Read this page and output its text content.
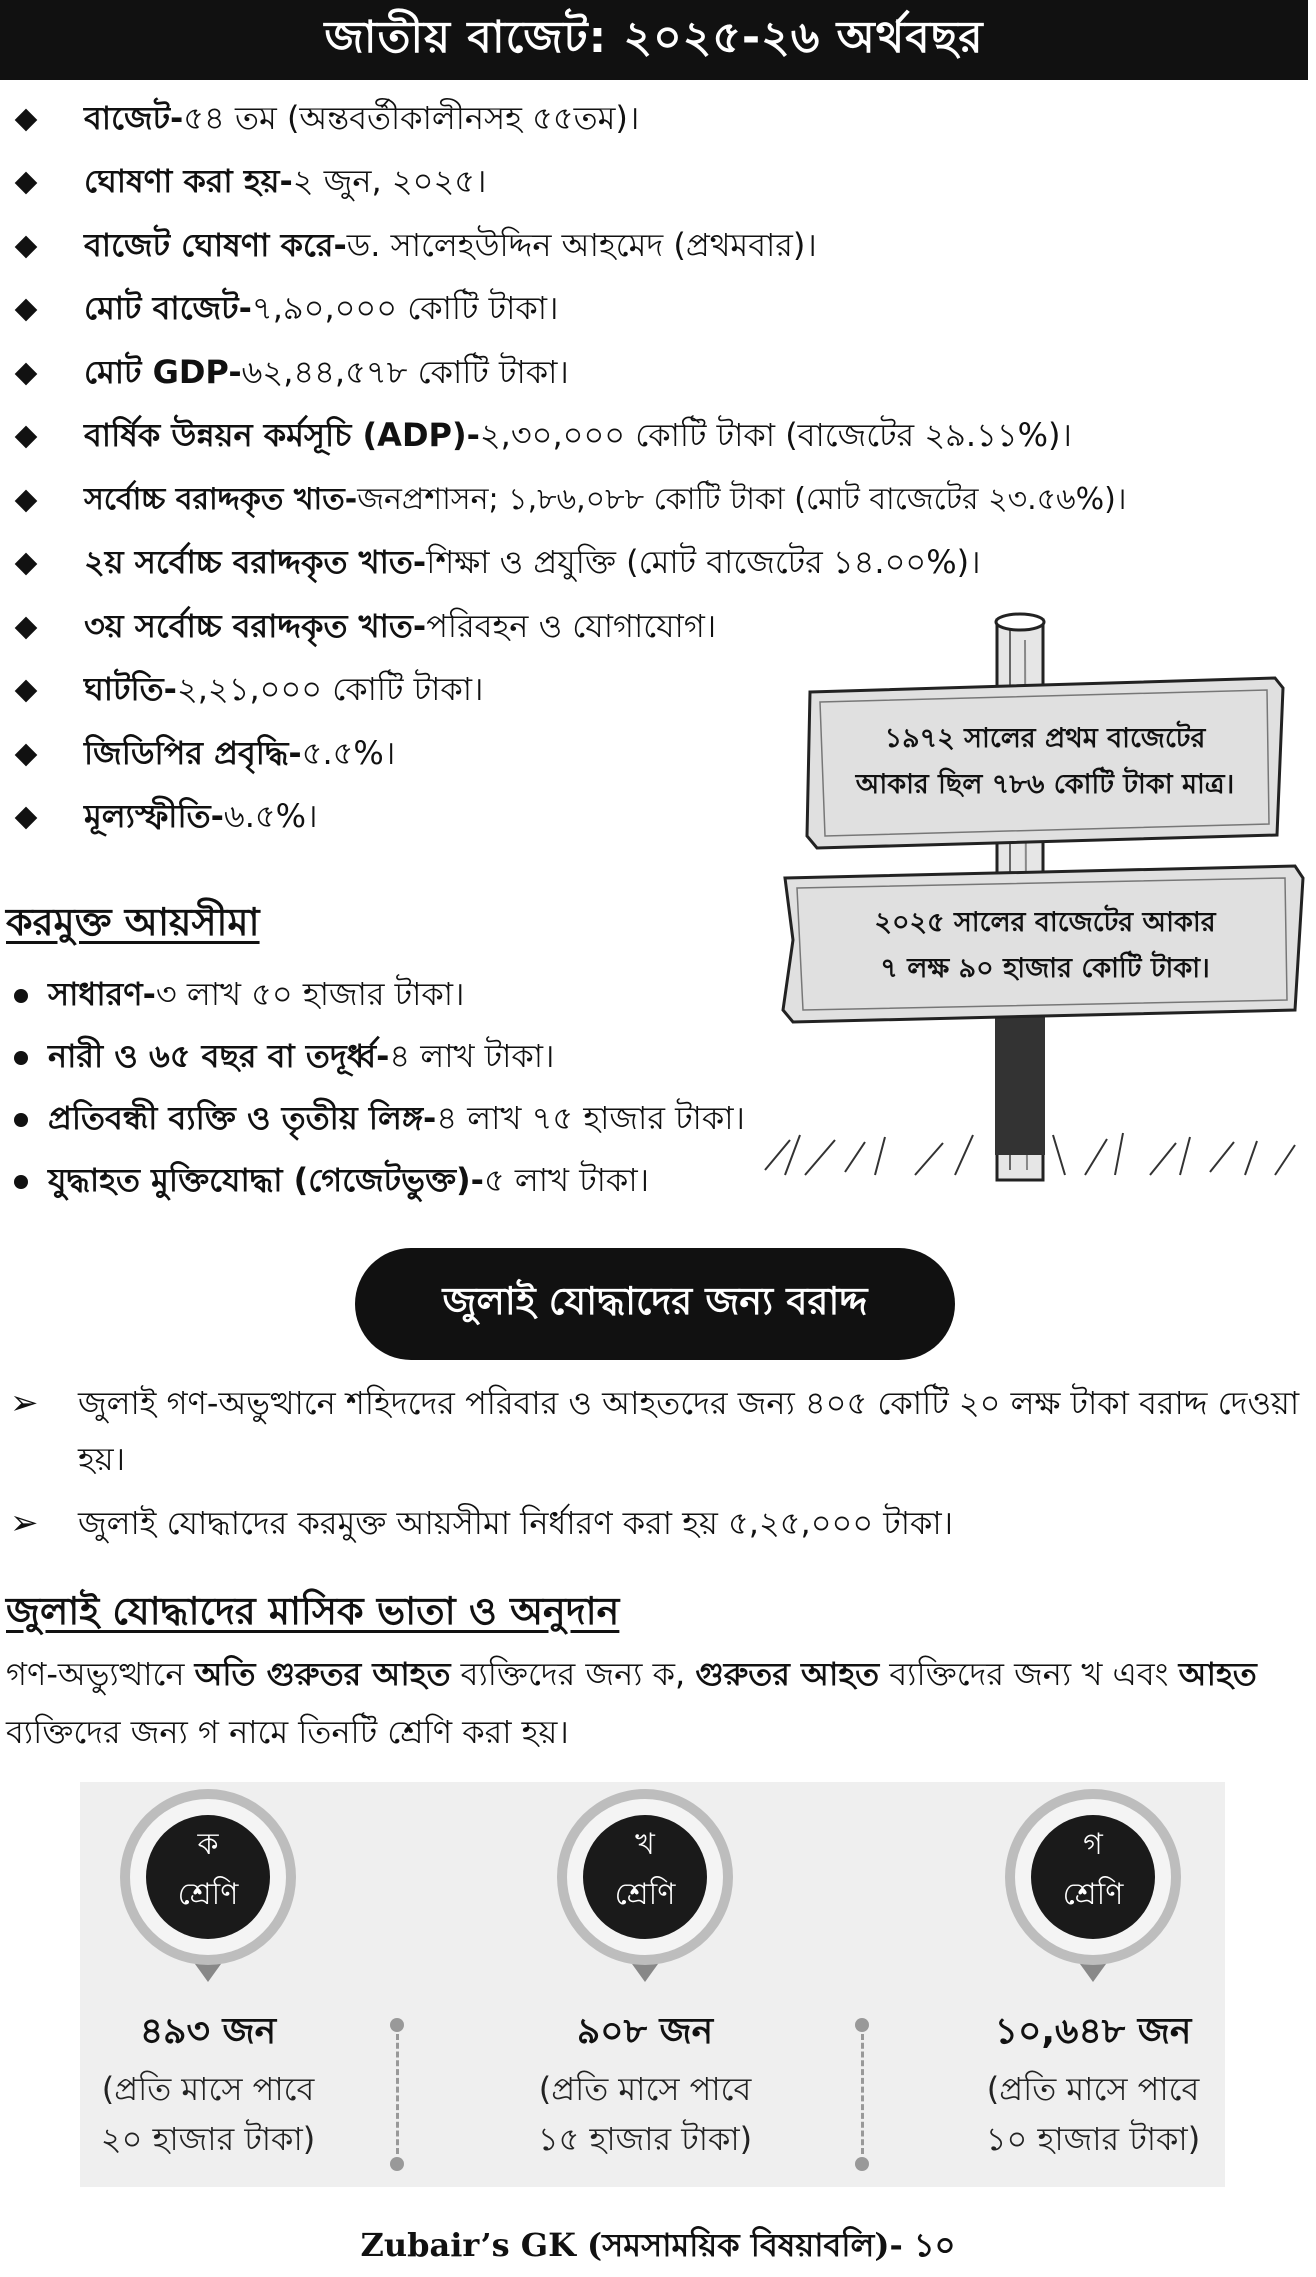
জাতীয় বাজেট: ২০২৫-২৬ অর্থবছর
বাজেট- ৫৪ তম (অন্তবর্তীকালীনসহ ৫৫তম)।
ঘোষণা করা হয়- ২ জুন, ২০২৫।
বাজেট ঘোষণা করে- ড. সালেহউদ্দিন আহমেদ (প্রথমবার)।
মোট বাজেট- ৭,৯০,০০০ কোটি টাকা।
মোট GDP- ৬২,৪৪,৫৭৮ কোটি টাকা।
বার্ষিক উন্নয়ন কর্মসূচি (ADP)- ২,৩০,০০০ কোটি টাকা (বাজেটের ২৯.১১%)।
সর্বোচ্চ বরাদ্দকৃত খাত- জনপ্রশাসন; ১,৮৬,০৮৮ কোটি টাকা (মোট বাজেটের ২৩.৫৬%)।
২য় সর্বোচ্চ বরাদ্দকৃত খাত- শিক্ষা ও প্রযুক্তি (মোট বাজেটের ১৪.০০%)।
৩য় সর্বোচ্চ বরাদ্দকৃত খাত- পরিবহন ও যোগাযোগ।
ঘাটতি- ২,২১,০০০ কোটি টাকা।
জিডিপির প্রবৃদ্ধি- ৫.৫%।
মূল্যস্ফীতি- ৬.৫%।
করমুক্ত আয়সীমা
সাধারণ- ৩ লাখ ৫০ হাজার টাকা।
নারী ও ৬৫ বছর বা তদূর্ধ্ব- ৪ লাখ টাকা।
প্রতিবন্ধী ব্যক্তি ও তৃতীয় লিঙ্গ- ৪ লাখ ৭৫ হাজার টাকা।
যুদ্ধাহত মুক্তিযোদ্ধা (গেজেটভুক্ত)- ৫ লাখ টাকা।
১৯৭২ সালের প্রথম বাজেটের
আকার ছিল ৭৮৬ কোটি টাকা মাত্র।
২০২৫ সালের বাজেটের আকার
৭ লক্ষ ৯০ হাজার কোটি টাকা।
জুলাই যোদ্ধাদের জন্য বরাদ্দ
➢	জুলাই গণ-অভুত্থানে শহিদদের পরিবার ও আহতদের জন্য ৪০৫ কোটি ২০ লক্ষ টাকা বরাদ্দ দেওয়া হয়।
➢	জুলাই যোদ্ধাদের করমুক্ত আয়সীমা নির্ধারণ করা হয় ৫,২৫,০০০ টাকা।
জুলাই যোদ্ধাদের মাসিক ভাতা ও অনুদান
গণ-অভ্যুত্থানে অতি গুরুতর আহত ব্যক্তিদের জন্য ক, গুরুতর আহত ব্যক্তিদের জন্য খ এবং আহত ব্যক্তিদের জন্য গ নামে তিনটি শ্রেণি করা হয়।
ক
শ্রেণি
৪৯৩ জন
(প্রতি মাসে পাবে
২০ হাজার টাকা)
খ
শ্রেণি
৯০৮ জন
(প্রতি মাসে পাবে
১৫ হাজার টাকা)
গ
শ্রেণি
১০,৬৪৮ জন
(প্রতি মাসে পাবে
১০ হাজার টাকা)
Zubair’s GK (সমসাময়িক বিষয়াবলি)- ১০
